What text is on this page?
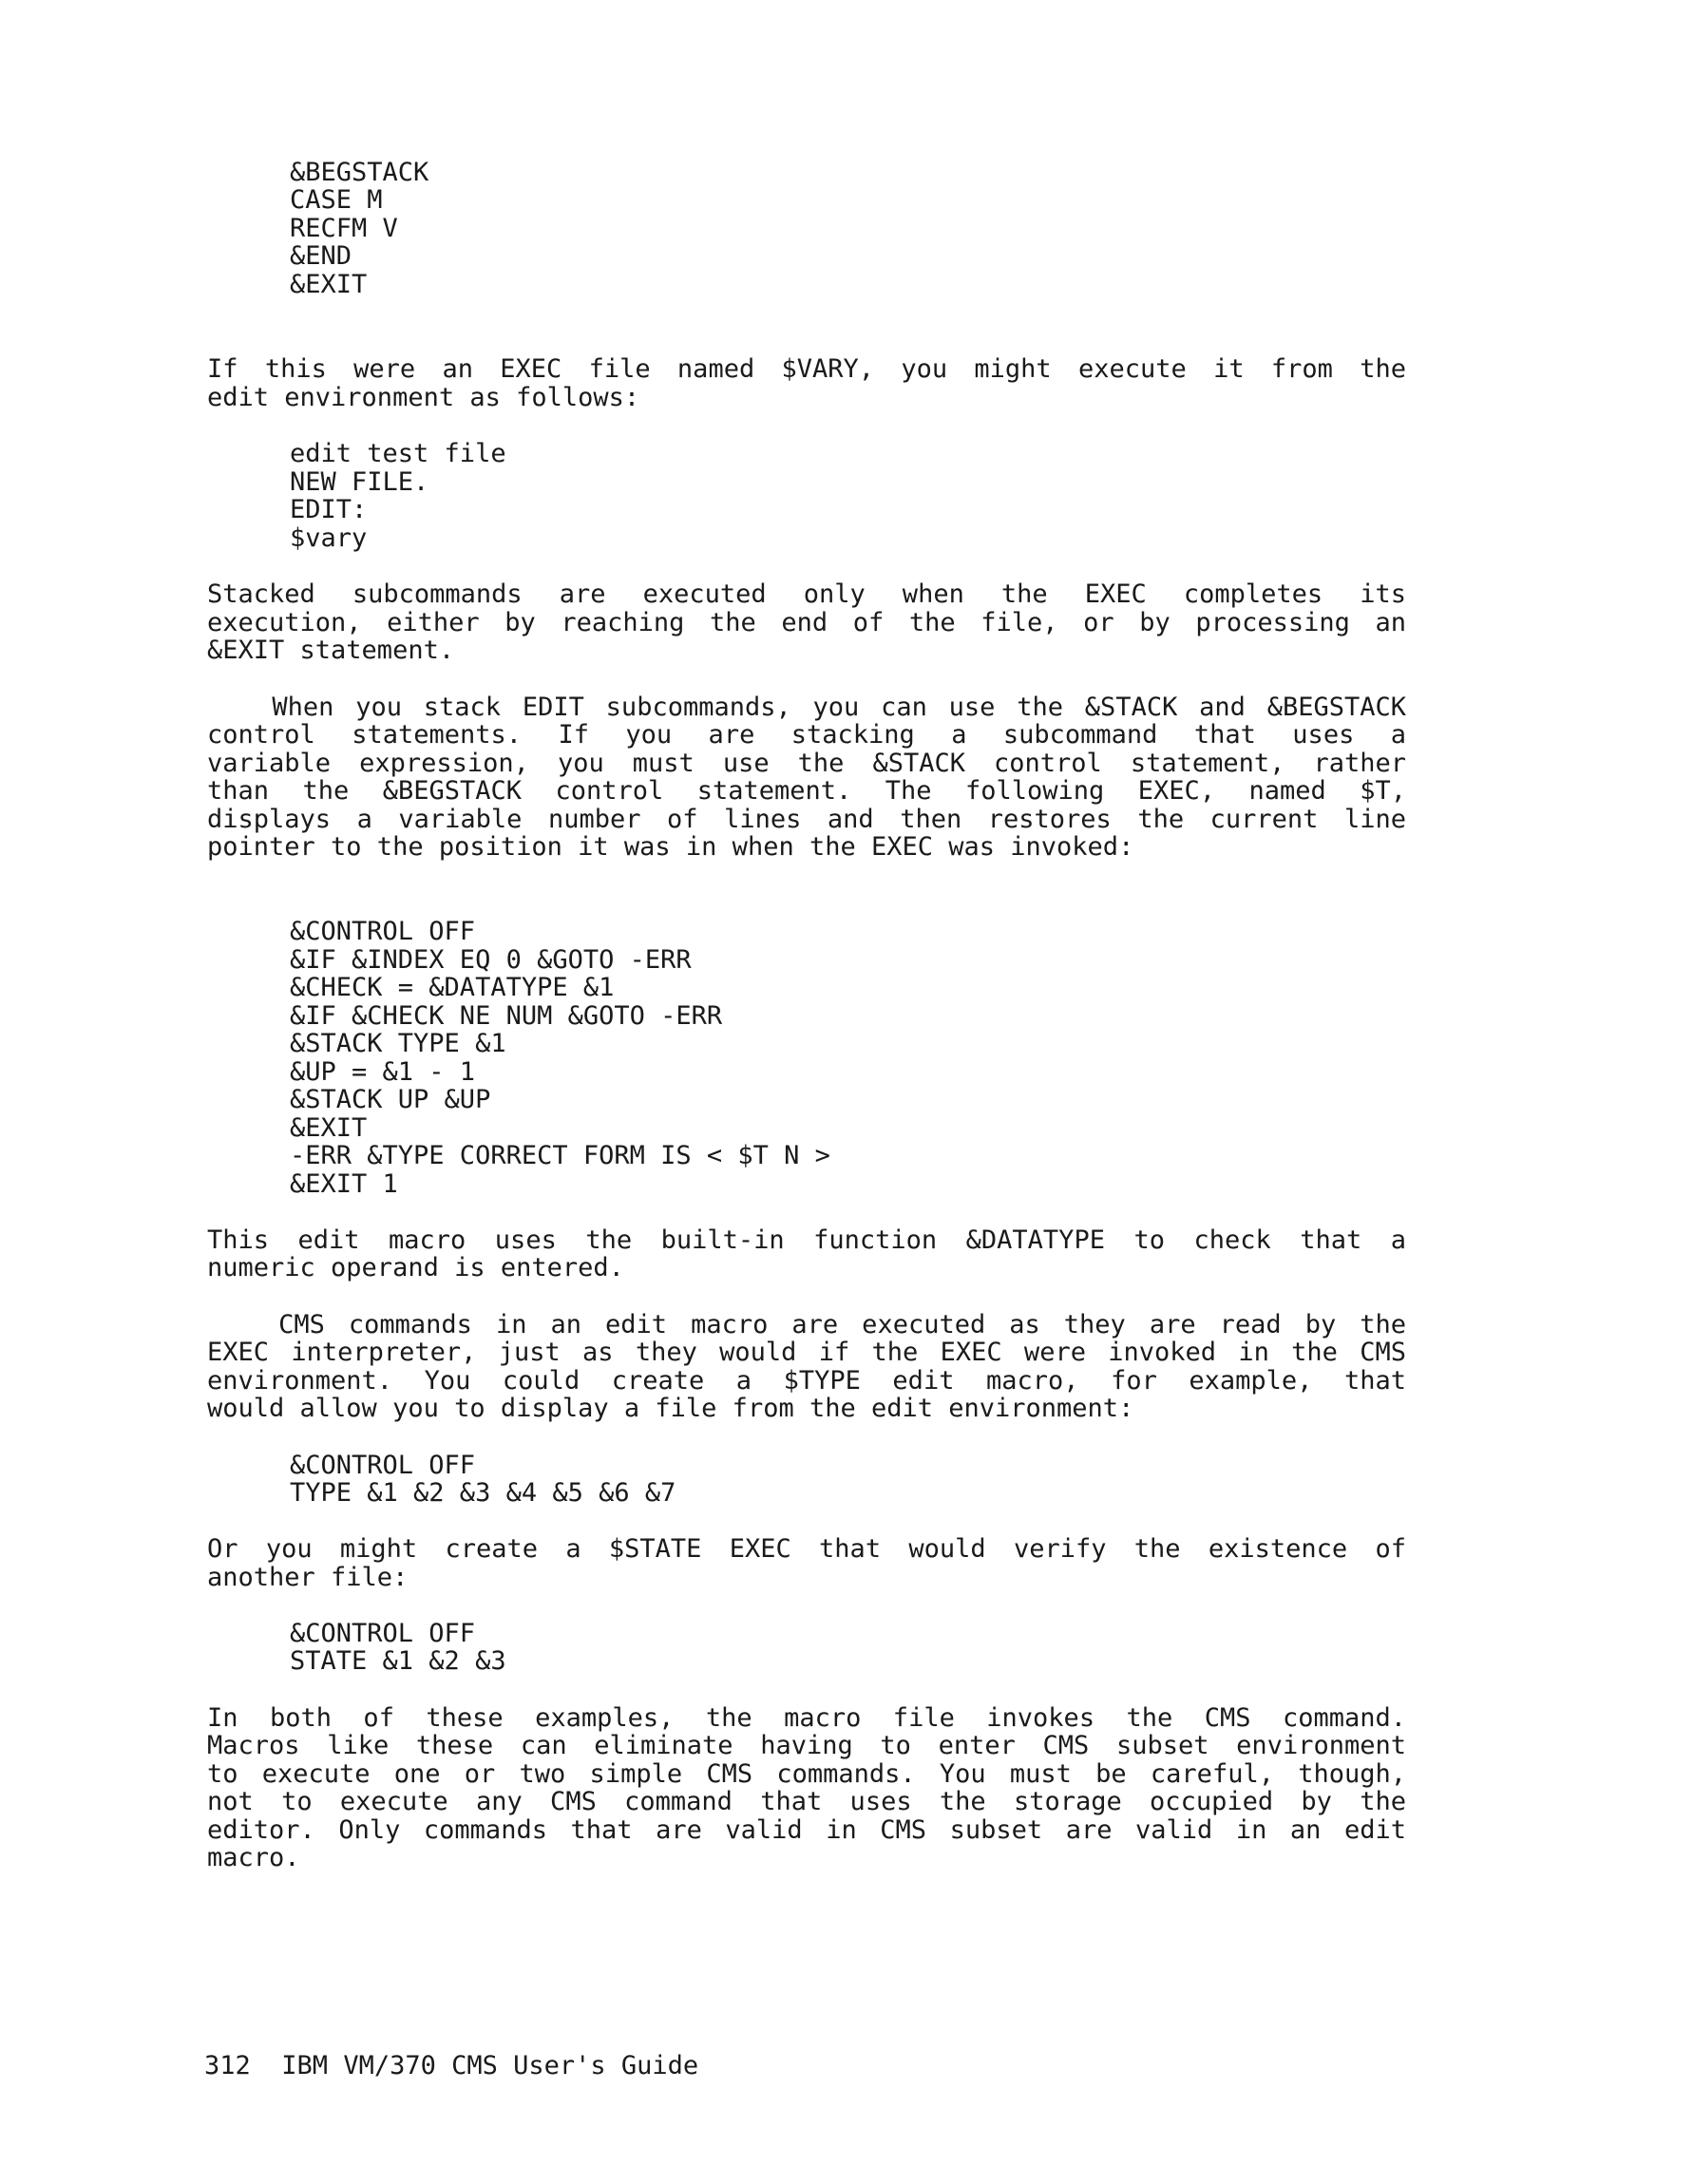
&BEGSTACK
CASE M
RECFM V
&END
&EXIT
If this were an EXEC file named $VARY, you might execute it from the
edit environment as follows:
edit test file
NEW FILE.
EDIT:
$vary
Stacked subcommands are executed only when the EXEC completes its
execution, either by reaching the end of the file, or by processing an
&EXIT statement.
When you stack EDIT subcommands, you can use the &STACK and &BEGSTACK
control statements. If you are stacking a subcommand that uses a
variable expression, you must use the &STACK control statement, rather
than the &BEGSTACK control statement. The following EXEC, named $T,
displays a variable number of lines and then restores the current line
pointer to the position it was in when the EXEC was invoked:
&CONTROL OFF
&IF &INDEX EQ 0 &GOTO -ERR
&CHECK = &DATATYPE &1
&IF &CHECK NE NUM &GOTO -ERR
&STACK TYPE &1
&UP = &1 - 1
&STACK UP &UP
&EXIT
-ERR &TYPE CORRECT FORM IS < $T N >
&EXIT 1
This edit macro uses the built-in function &DATATYPE to check that a
numeric operand is entered.
CMS commands in an edit macro are executed as they are read by the
EXEC interpreter, just as they would if the EXEC were invoked in the CMS
environment. You could create a $TYPE edit macro, for example, that
would allow you to display a file from the edit environment:
&CONTROL OFF
TYPE &1 &2 &3 &4 &5 &6 &7
Or you might create a $STATE EXEC that would verify the existence of
another file:
&CONTROL OFF
STATE &1 &2 &3
In both of these examples, the macro file invokes the CMS command.
Macros like these can eliminate having to enter CMS subset environment
to execute one or two simple CMS commands. You must be careful, though,
not to execute any CMS command that uses the storage occupied by the
editor. Only commands that are valid in CMS subset are valid in an edit
macro.
312 IBM VM/370 CMS User's Guide
